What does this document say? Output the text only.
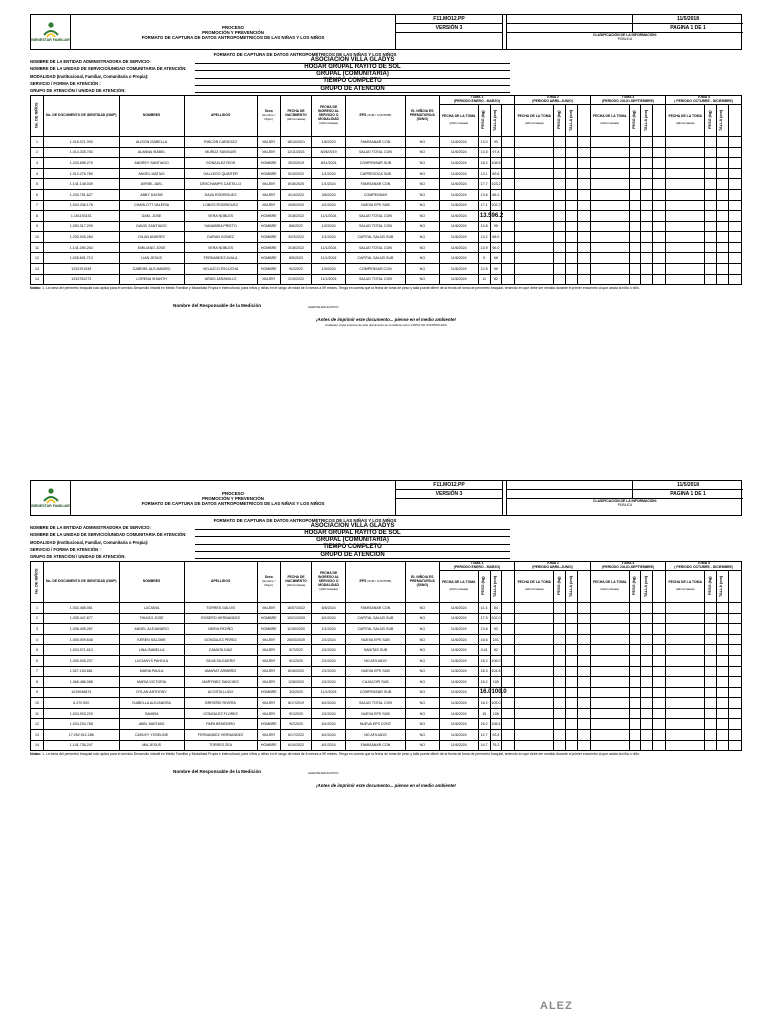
BIENESTAR FAMILIAR
PROCESO
PROMOCIÓN Y PREVENCIÓN
FORMATO DE CAPTURA DE DATOS ANTROPOMETRICOS DE LAS NIÑAS Y LOS NIÑOS
F11.MO12.PP
VERSIÓN 3
11/5/2018
PAGINA 1 DE 1
CLASIFICACIÓN DE LA INFORMACIÓN:
PÚBLICA
FORMATO DE CAPTURA DE DATOS ANTROPOMÉTRICOS DE LAS NIÑAS Y LOS NIÑOS
NOMBRE DE LA ENTIDAD ADMINISTRADORA DE SERVICIO:	ASOCIACION VILLA GLADYS
NOMBRE DE LA UNIDAD DE SERVICIO/UNIDAD COMUNITARIA DE ATENCIÓN:	HOGAR GRUPAL RAYITO DE SOL
MODALIDAD (Institucional, Familiar, Comunitaria o Propia):	GRUPAL (COMUNITARIA)
SERVICIO / FORMA DE ATENCIÓN :	TIEMPO COMPLETO
GRUPO DE ATENCIÓN / UNIDAD DE ATENCIÓN:	GRUPO DE ATENCION
No. DE NIÑOS	No. DE DOCUMENTO DE IDENTIDAD (NUIP)	NOMBRES	APELLIDOS	Sexo
(Hombre / Mujer)	FECHA DE NACIMIENTO
(dd/mm/aaaa)	FECHA DE INGRESO AL SERVICIO O MODALIDAD
(dd/mm/aaaa)	EPS (SUB / CONTRIB)	EL NIÑO/A ES PREMATURO/A (SI/NO)	TOMA 1
(PERIODO ENERO - MARZO)				TOMA 2
(PERIODO ABRIL-JUNIO)				TOMA 3
(PERIODO JULIO-SEPTIEMBRE)				TOMA 4
( PERIODO OCTUBRE - DICIEMBRE)			
									FECHA DE LA TOMA

(dd/mm/aaaa)	PESO (kg)	TALLA (cm)		FECHA DE LA TOMA

(dd/mm/aaaa)	PESO (kg)	TALLA (cm)		FECHA DE LA TOMA

(dd/mm/aaaa)	PESO (kg)	TALLA (cm)		FECHA DE LA TOMA

(dd/mm/aaaa)	PESO (kg)	TALLA (cm)	
1	1.016.071.093	ALISON ISABELLA	RINCON CARDOZO	MUJER	18/10/2021	1/6/2023	FAMISANAR CON	NO	11/6/2024	13.0	93													
2	1.014.335.783	ALANNA ISABEL	MUÑOZ SANGUIÑ	MUJER	12/11/2021	8/26/2019	SALUD TOTAL CON	NO	11/6/2024	13.5	97.8													
3	1.233.898.279	ANDREY SANTIAGO	GONZALEZ RIOS	HOMBRE	20/3/2019	8/11/2024	COMPENSAR SUB	NO	11/6/2024	18.2	108.5													
4	1.013.276.789	ANGEL MATIAS	GALLEGO QUINTER	HOMBRE	5/10/2022	1/1/2024	CAPRESOCA SUB	NO	11/6/2024	13.1	89.6													
5	1.141.148.039	AVRIEL JAEL	DESCHAMPS CASTILLO	MUJER	8/16/2020	1/1/2024	FAMISANAR CON	NO	11/6/2024	17.7	103.2													
6	1.230.751.627	ABBY DAYNE	DAZA RODRIGUEZ	MUJER	4/14/2022	3/6/2024	COMPENSAR	NO	11/6/2024	13.6	86.2													
7	1.034.336.176	CHARLOTT VALERIA	LOBOS RODRIGUEZ	MUJER	4/26/2020	4/1/2024	NUEVA EPS SUB	NO	11/6/2024	17.1	102.2													
8	1.161193151	DAEL JOSE	VERA NOBLES	HOMBRE	3/18/2022	11/1/2024	SALUD TOTAL CON	NO	11/6/2024	13.5	96.2													
9	1.053.317.209	DAVID SANTIAGO	SANABRIA PRIETO	HOMBRE	8/6/2022	1/2/2024	SALUD TOTAL CON	NO	11/6/2024	14.8	95													
10	1.230.935.284	DILAN ANDRES	DURAN GOMEZ	HOMBRE	3/23/2022	1/1/2024	CAPITAL SALUD SUB	NO	11/6/2024	13.2	88.0													
11	1.141.390.263	EMILIANO JOSE	VERA NOBLES	HOMBRE	3/18/2022	11/1/2024	SALUD TOTAL CON	NO	11/6/2024	13.9	96.0													
12	1.028.691.713	LIAN JESUS	FERNANDEZ AYALA	HOMBRE	8/5/2023	11/1/2024	CAPITAL SALUD SUB	NO	11/6/2024	9	68													
13	1233701935	GABRIEL ALEJANDRO	VELAZCO ESCUCHA	HOMBRE	9/2/2022	1/9/2024	COMPENSAR CON	NO	11/6/2024	12.8	90													
14	1233702273	LORENA SHANTH	ARIAS JARAMILLO	MUJER	2/10/2022	11/1/2024	SALUD TOTAL CON	NO	11/6/2024	11	82													
Notas: 1. La toma del perímetro braquial solo aplica para el servicio Desarrollo Infantil en Medio Familiar y Modalidad Propia e Intercultural, para niños y niñas en el rango de edad de 6 meses a 59 meses. Tenga en cuenta que la fecha de toma de peso y talla puede diferir de la fecha de toma de perímetro braquial, teniendo en que debe ser medido durante el primer encuentro al que asista la niña o niño.
Nombre del Responsable de la Medición	AGENTE EDUCATIVO
¡Antes de imprimir este documento... piense en el medio ambiente!
Cualquier copia impresa de este documento se considera como COPIA NO CONTROLADA
BIENESTAR FAMILIAR
PROCESO
PROMOCIÓN Y PREVENCIÓN
FORMATO DE CAPTURA DE DATOS ANTROPOMETRICOS DE LAS NIÑAS Y LOS NIÑOS
F11.MO12.PP
VERSIÓN 3
11/5/2018
PAGINA 1 DE 1
CLASIFICACIÓN DE LA INFORMACIÓN:
PÚBLICA
FORMATO DE CAPTURA DE DATOS ANTROPOMÉTRICOS DE LAS NIÑAS Y LOS NIÑOS
NOMBRE DE LA ENTIDAD ADMINISTRADORA DE SERVICIO:	ASOCIACION VILLA GLADYS
NOMBRE DE LA UNIDAD DE SERVICIO/UNIDAD COMUNITARIA DE ATENCIÓN:	HOGAR GRUPAL RAYITO DE SOL
MODALIDAD (Institucional, Familiar, Comunitaria o Propia):	GRUPAL (COMUNITARIA)
SERVICIO / FORMA DE ATENCIÓN :	TIEMPO COMPLETO
GRUPO DE ATENCIÓN / UNIDAD DE ATENCIÓN:	GRUPO DE ATENCION
No. DE NIÑOS	No. DE DOCUMENTO DE IDENTIDAD (NUIP)	NOMBRES	APELLIDOS	Sexo
(Hombre / Mujer)	FECHA DE NACIMIENTO
(dd/mm/aaaa)	FECHA DE INGRESO AL SERVICIO O MODALIDAD
(dd/mm/aaaa)	EPS (SUB / CONTRIB)	EL NIÑO/A ES PREMATURO/A (SI/NO)	TOMA 1
(PERIODO ENERO - MARZO)				TOMA 2
(PERIODO ABRIL-JUNIO)				TOMA 3
(PERIODO JULIO-SEPTIEMBRE)				TOMA 4
( PERIODO OCTUBRE - DICIEMBRE)			
									FECHA DE LA TOMA

(dd/mm/aaaa)	PESO (kg)	TALLA (cm)		FECHA DE LA TOMA

(dd/mm/aaaa)	PESO (kg)	TALLA (cm)		FECHA DE LA TOMA

(dd/mm/aaaa)	PESO (kg)	TALLA (cm)		FECHA DE LA TOMA

(dd/mm/aaaa)	PESO (kg)	TALLA (cm)	
1	1.032.455.051	LUCIANA	TORRES GALVIS	MUJER	16/07/2022	6/6/2024	FAMISANAR CON	NO	11/6/2024	11.4	84													
2	1.035.447.677	THIAGO JOSE	ROSERO HERNANDEZ	HOMBRE	10/21/2020	6/1/2024	CAPITAL SALUD SUB	NO	11/6/2024	17.5	102.0													
3	1.036.405.267	ANGEL ALEJANDRO	NEIRA PATIÑO	HOMBRE	11/30/2020	1/1/2024	CAPITAL SALUD SUB	NO	11/6/2024	13.8	93													
4	1.000.009.646	KEREN SALOME	GONZALEZ PEREZ	MUJER	26/03/2020	2/1/2024	NUEVA EPS SUB	NO	11/6/2024	16.6	101													
5	1.034.971.613	LINA ISABELLA	CAMATA DIAZ	MUJER	5/7/2022	2/1/2024	SANITAS SUB	NO	11/6/2024	9.41	82													
6	1.030.935.227	LUCIANYS PAHOLA	SILVA SILGUERO	MUJER	9/1/2020	2/1/2024	NO AFILIADO	NO	11/6/2024	18.2	106.0													
7	1.027.153.681	MARIA PAULA	AMARAT ARMBRIZ	MUJER	8/16/2020	2/1/2024	NUEVA EPS SUB	NO	11/6/2024	18.3	104.8													
8	1.068.486.088	MARIA VICTORIA	MARTINEZ SANCHEZ	MUJER	12/8/2020	2/1/2024	CAJACOPI SUB	NO	11/6/2024	16.2	105													
9	1019048874	DYLAN ANTHONY	ACOSTA LUGO	HOMBRE	3/3/2020	11/1/2024	COMPENSAR SUB	NO	11/6/2024	16.0	100.0													
10	6.370.520	ISABELLA ALEJANDRA	BRISEÑO RIVERA	MUJER	8/17/2019	6/1/2024	SALUD TOTAL CON	NO	11/6/2024	18.2	103.0													
11	1.034.933.229	SAMIRA	GONZALEZ FLOREZ	MUJER	9/1/2020	2/1/2024	NUEVA EPS SUB	NO	11/6/2024	15	106													
12	1.034.204.768	ABEL MATHIAS	PAPA BENEDIRO	HOMBRE	9/2/2020	6/1/2024	NUEVA EPS CONT	NO	11/6/2024	16.2	106.4													
13	17.092.912.286	CARLEY YOSELINE	FERNANDEZ HERNANDEZ	MUJER	6/17/2022	6/1/2024	NO AFILIADO	NO	11/6/2024	12.7	93.5													
14	1.141.736.247	MIA JESUS	TORRES ZEA	HOMBRE	6/10/2022	6/1/2024	FAMISANAR CON	NO	11/6/2024	14.7	76.2													
Notas: 1. La toma del perímetro braquial solo aplica para el servicio Desarrollo Infantil en Medio Familiar y Modalidad Propia e Intercultural, para niños y niñas en el rango de edad de 6 meses a 59 meses. Tenga en cuenta que la fecha de toma de peso y talla puede diferir de la fecha de toma de perímetro braquial, teniendo en que debe ser medido durante el primer encuentro al que asista la niña o niño.
Nombre del Responsable de la Medición	AGENTE EDUCATIVO
¡Antes de imprimir este documento... piense en el medio ambiente!
ALEZ
